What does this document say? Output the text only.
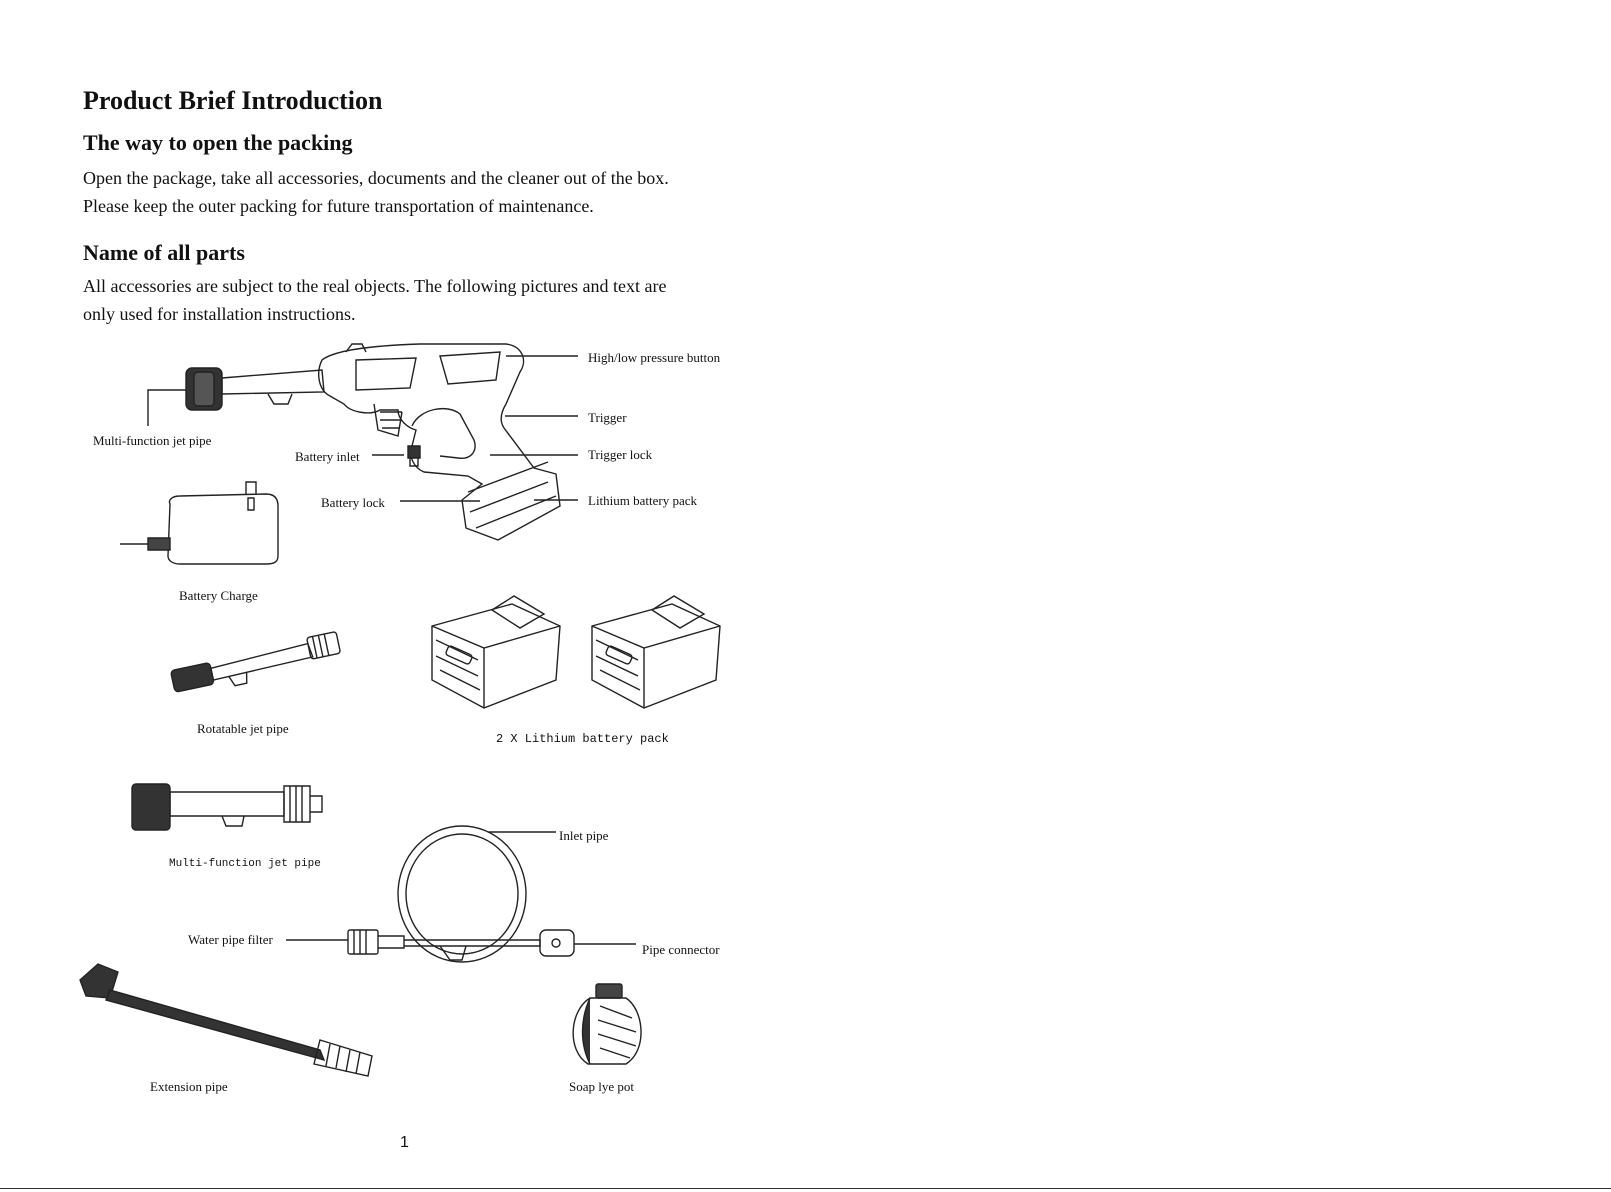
Product Brief Introduction
The way to open the packing

Open the package, take all accessories, documents and the cleaner out of the box.

Please keep the outer packing for future transportation of maintenance.

Name of all parts

All accessories are subject to the real objects. The following pictures and text are

only used for installation instructions.

High/low pressure button
Trigger
Trigger lock
Lithium battery pack
Multi-function jet pipe
Battery inlet
Battery lock
Battery Charge
Rotatable jet pipe
2 X Lithium battery pack
Multi-function jet pipe
Inlet pipe
Water pipe filter
Pipe connector
Extension pipe	Soap lye pot
1
